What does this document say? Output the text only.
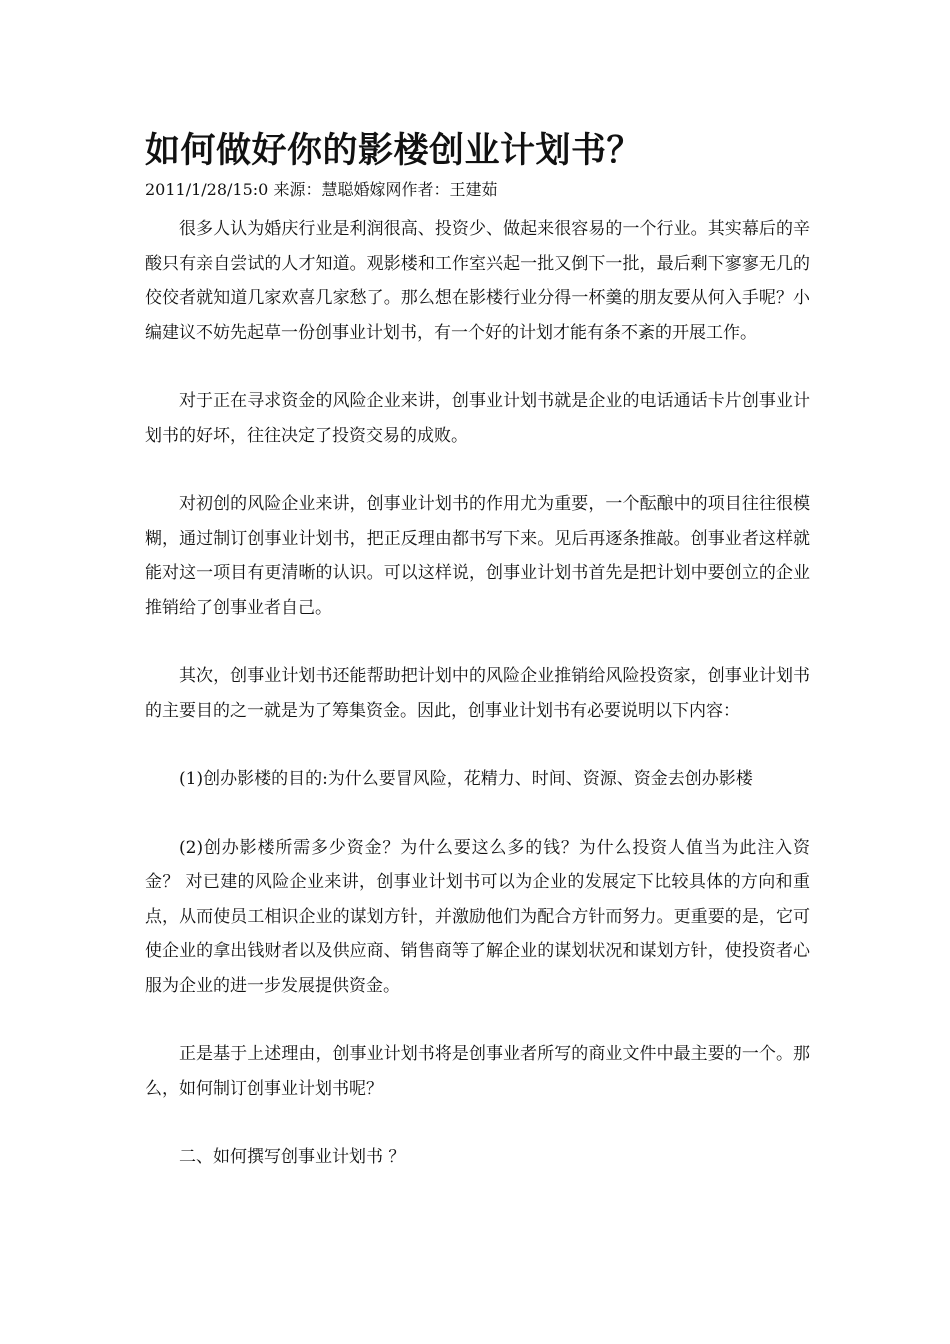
如何做好你的影楼创业计划书？

2011/1/28/15:0 来源：慧聪婚嫁网作者：王建茹

很多人认为婚庆行业是利润很高、投资少、做起来很容易的一个行业。其实幕后的辛酸只有亲自尝试的人才知道。观影楼和工作室兴起一批又倒下一批，最后剩下寥寥无几的佼佼者就知道几家欢喜几家愁了。那么想在影楼行业分得一杯羹的朋友要从何入手呢？小编建议不妨先起草一份创事业计划书，有一个好的计划才能有条不紊的开展工作。

对于正在寻求资金的风险企业来讲，创事业计划书就是企业的电话通话卡片创事业计划书的好坏，往往决定了投资交易的成败。

对初创的风险企业来讲，创事业计划书的作用尤为重要，一个酝酿中的项目往往很模糊，通过制订创事业计划书，把正反理由都书写下来。见后再逐条推敲。创事业者这样就能对这一项目有更清晰的认识。可以这样说，创事业计划书首先是把计划中要创立的企业推销给了创事业者自己。

其次，创事业计划书还能帮助把计划中的风险企业推销给风险投资家，创事业计划书的主要目的之一就是为了筹集资金。因此，创事业计划书有必要说明以下内容：

(1)创办影楼的目的:为什么要冒风险，花精力、时间、资源、资金去创办影楼

(2)创办影楼所需多少资金？为什么要这么多的钱？为什么投资人值当为此注入资金？ 对已建的风险企业来讲，创事业计划书可以为企业的发展定下比较具体的方向和重点，从而使员工相识企业的谋划方针，并激励他们为配合方针而努力。更重要的是，它可使企业的拿出钱财者以及供应商、销售商等了解企业的谋划状况和谋划方针，使投资者心服为企业的进一步发展提供资金。

正是基于上述理由，创事业计划书将是创事业者所写的商业文件中最主要的一个。那么，如何制订创事业计划书呢？

二、如何撰写创事业计划书 ？
